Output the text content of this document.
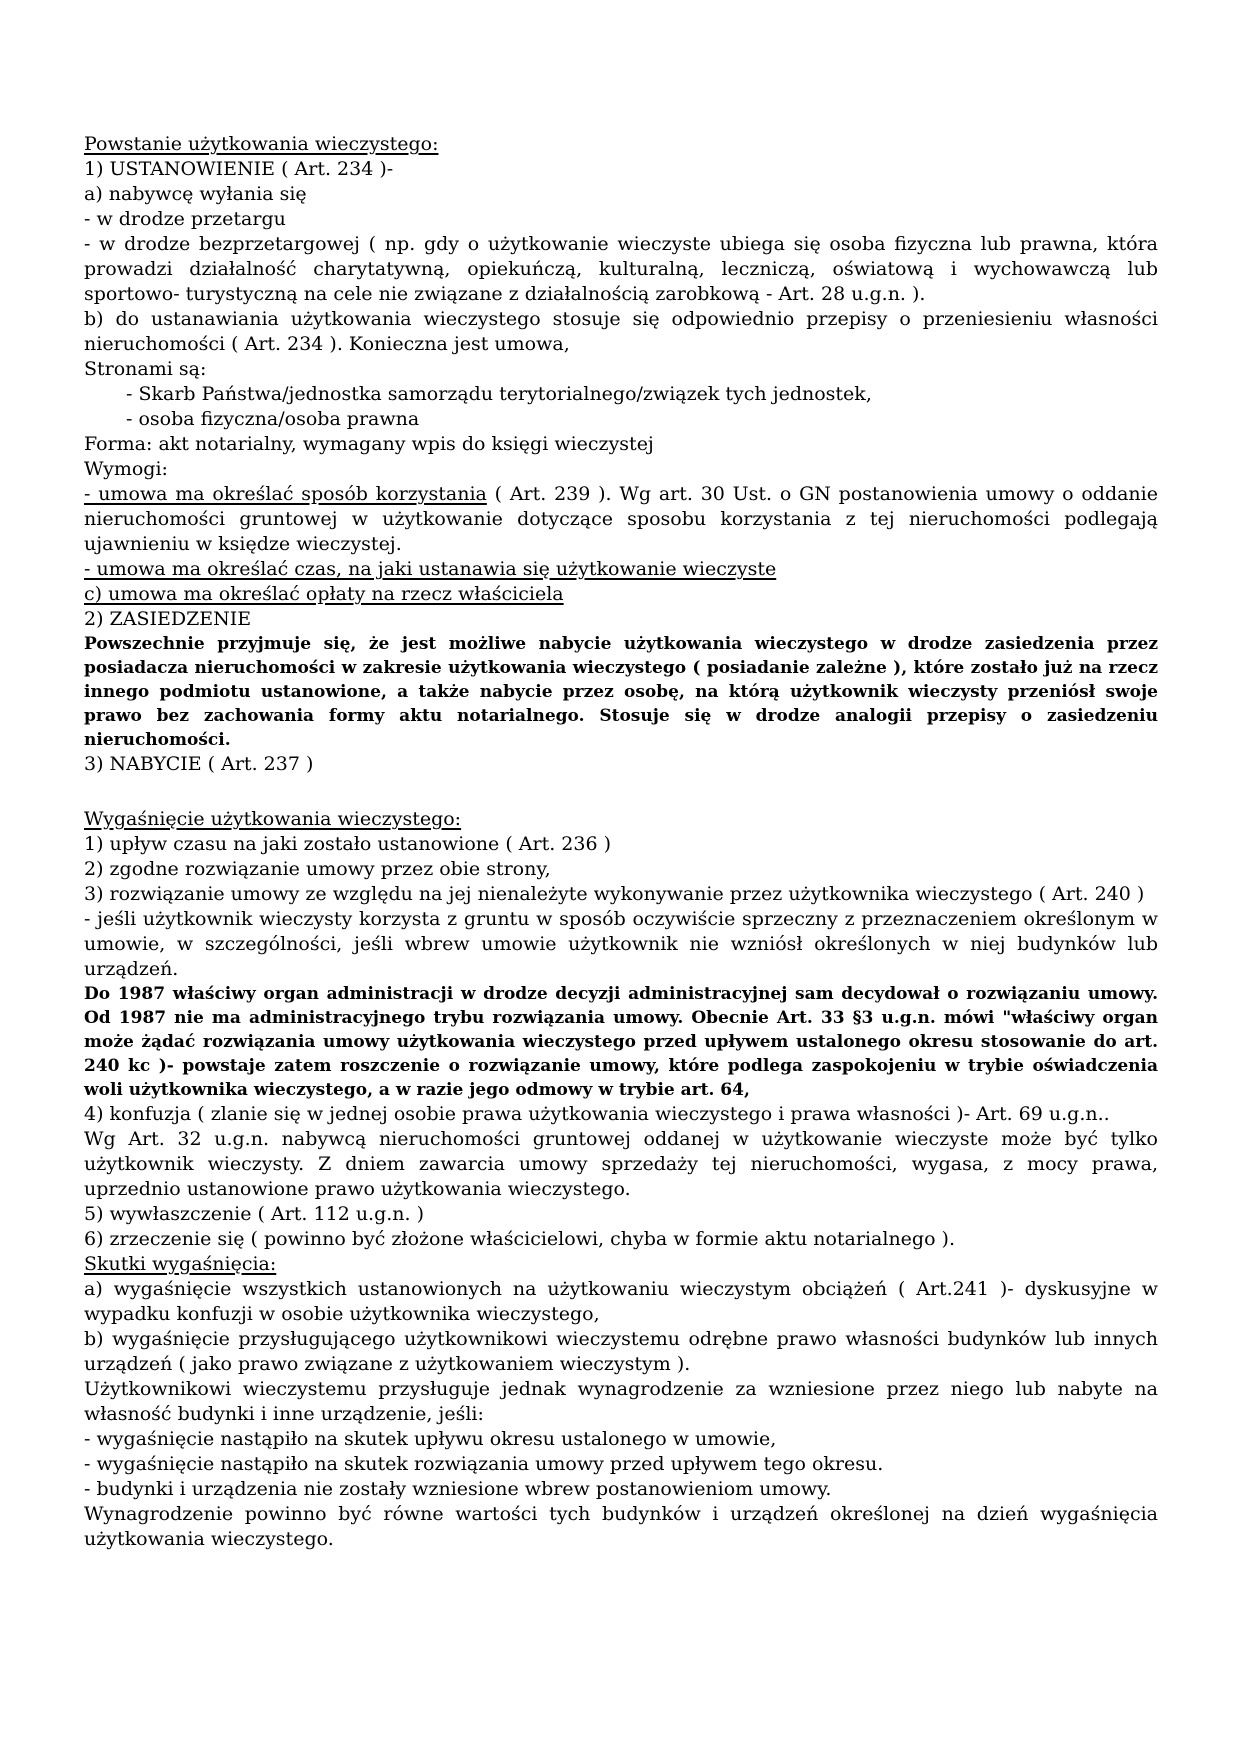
Powstanie użytkowania wieczystego:
1) USTANOWIENIE ( Art. 234 )-
a) nabywcę wyłania się
- w drodze przetargu
- w drodze bezprzetargowej ( np. gdy o użytkowanie wieczyste ubiega się osoba fizyczna lub prawna, która prowadzi działalność charytatywną, opiekuńczą, kulturalną, leczniczą, oświatową i wychowawczą lub sportowo- turystyczną na cele nie związane z działalnością zarobkową - Art. 28 u.g.n. ).
b) do ustanawiania użytkowania wieczystego stosuje się odpowiednio przepisy o przeniesieniu własności nieruchomości ( Art. 234 ). Konieczna jest umowa,
Stronami są:
- Skarb Państwa/jednostka samorządu terytorialnego/związek tych jednostek,
- osoba fizyczna/osoba prawna
Forma: akt notarialny, wymagany wpis do księgi wieczystej
Wymogi:
- umowa ma określać sposób korzystania ( Art. 239 ). Wg art. 30 Ust. o GN postanowienia umowy o oddanie nieruchomości gruntowej w użytkowanie dotyczące sposobu korzystania z tej nieruchomości podlegają ujawnieniu w księdze wieczystej.
- umowa ma określać czas, na jaki ustanawia się użytkowanie wieczyste
c) umowa ma określać opłaty na rzecz właściciela
2) ZASIEDZENIE
Powszechnie przyjmuje się, że jest możliwe nabycie użytkowania wieczystego w drodze zasiedzenia przez posiadacza nieruchomości w zakresie użytkowania wieczystego ( posiadanie zależne ), które zostało już na rzecz innego podmiotu ustanowione, a także nabycie przez osobę, na którą użytkownik wieczysty przeniósł swoje prawo bez zachowania formy aktu notarialnego. Stosuje się w drodze analogii przepisy o zasiedzeniu nieruchomości.
3) NABYCIE ( Art. 237 )
Wygaśnięcie użytkowania wieczystego:
1) upływ czasu na jaki zostało ustanowione ( Art. 236 )
2) zgodne rozwiązanie umowy przez obie strony,
3) rozwiązanie umowy ze względu na jej nienależyte wykonywanie przez użytkownika wieczystego ( Art. 240 )
- jeśli użytkownik wieczysty korzysta z gruntu w sposób oczywiście sprzeczny z przeznaczeniem określonym w umowie, w szczególności, jeśli wbrew umowie użytkownik nie wzniósł określonych w niej budynków lub urządzeń.
Do 1987 właściwy organ administracji w drodze decyzji administracyjnej sam decydował o rozwiązaniu umowy. Od 1987 nie ma administracyjnego trybu rozwiązania umowy. Obecnie Art. 33 §3 u.g.n. mówi "właściwy organ może żądać rozwiązania umowy użytkowania wieczystego przed upływem ustalonego okresu stosowanie do art. 240 kc )- powstaje zatem roszczenie o rozwiązanie umowy, które podlega zaspokojeniu w trybie oświadczenia woli użytkownika wieczystego, a w razie jego odmowy w trybie art. 64,
4) konfuzja ( zlanie się w jednej osobie prawa użytkowania wieczystego i prawa własności )- Art. 69 u.g.n..
Wg Art. 32 u.g.n. nabywcą nieruchomości gruntowej oddanej w użytkowanie wieczyste może być tylko użytkownik wieczysty. Z dniem zawarcia umowy sprzedaży tej nieruchomości, wygasa, z mocy prawa, uprzednio ustanowione prawo użytkowania wieczystego.
5) wywłaszczenie ( Art. 112 u.g.n. )
6) zrzeczenie się ( powinno być złożone właścicielowi, chyba w formie aktu notarialnego ).
Skutki wygaśnięcia:
a) wygaśnięcie wszystkich ustanowionych na użytkowaniu wieczystym obciążeń ( Art.241 )- dyskusyjne w wypadku konfuzji w osobie użytkownika wieczystego,
b) wygaśnięcie przysługującego użytkownikowi wieczystemu odrębne prawo własności budynków lub innych urządzeń ( jako prawo związane z użytkowaniem wieczystym ).
Użytkownikowi wieczystemu przysługuje jednak wynagrodzenie za wzniesione przez niego lub nabyte na własność budynki i inne urządzenie, jeśli:
- wygaśnięcie nastąpiło na skutek upływu okresu ustalonego w umowie,
- wygaśnięcie nastąpiło na skutek rozwiązania umowy przed upływem tego okresu.
- budynki i urządzenia nie zostały wzniesione wbrew postanowieniom umowy.
Wynagrodzenie powinno być równe wartości tych budynków i urządzeń określonej na dzień wygaśnięcia użytkowania wieczystego.
